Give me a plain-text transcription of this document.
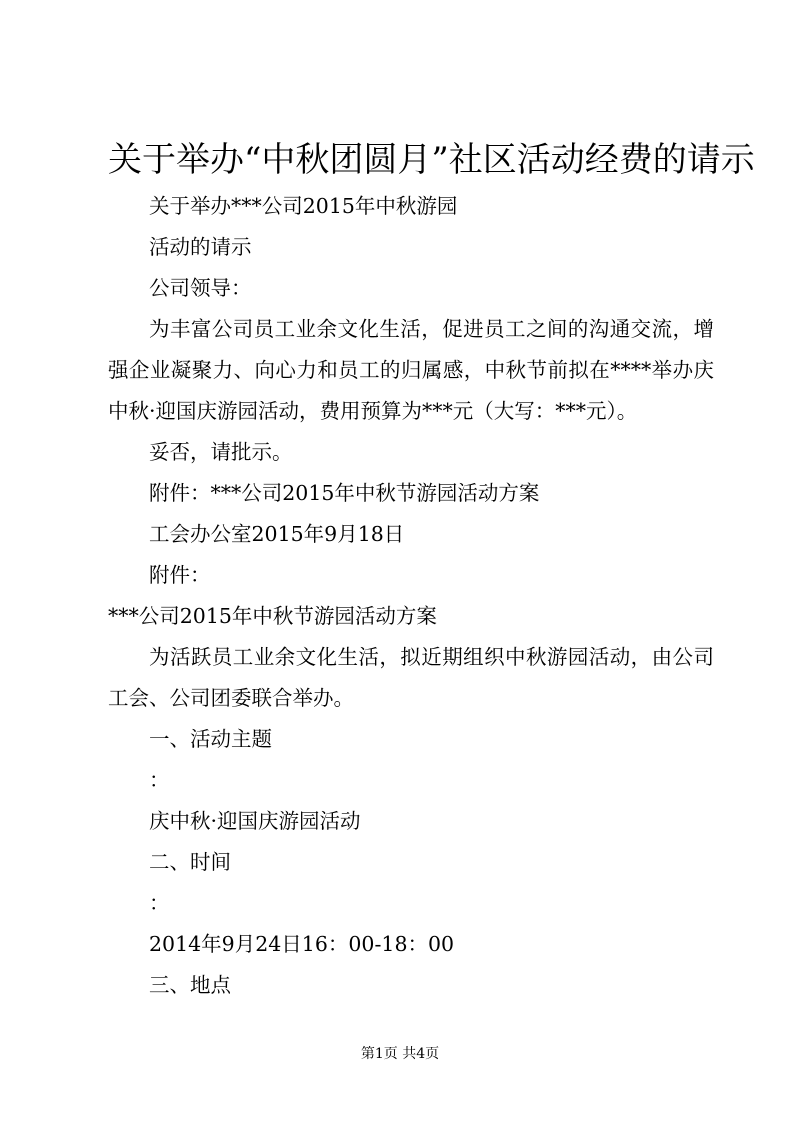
关于举办“中秋团圆月”社区活动经费的请示

关于举办***公司2015年中秋游园

活动的请示

公司领导：

为丰富公司员工业余文化生活，促进员工之间的沟通交流，增强企业凝聚力、向心力和员工的归属感，中秋节前拟在****举办庆中秋·迎国庆游园活动，费用预算为***元（大写：***元）。

妥否，请批示。

附件：***公司2015年中秋节游园活动方案

工会办公室2015年9月18日

附件：

***公司2015年中秋节游园活动方案

为活跃员工业余文化生活，拟近期组织中秋游园活动，由公司工会、公司团委联合举办。

一、活动主题

：

庆中秋·迎国庆游园活动

二、时间

：

2014年9月24日16：00-18：00

三、地点

第1页 共4页
